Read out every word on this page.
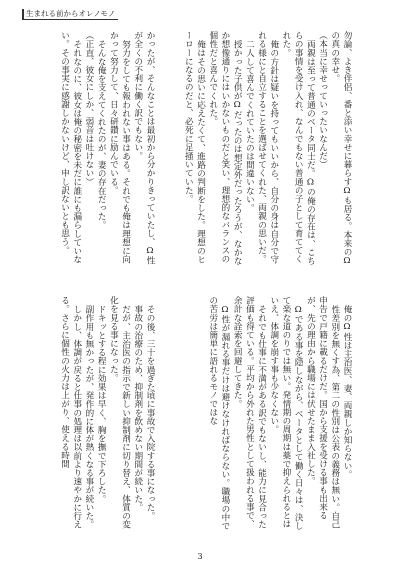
生まれる前からオレノモノ

勿論、よき伴侶、番と添い幸せに暮らすΩも居る。本来のΩの真の幸せ。

（本当に幸せっていったいなんだ）

両親は至って普通のベータ同士だ。Ωの俺の存在は、こちらの事情を受け入れ、なんでもない普通の子として育ててくれた。

俺の方針は疑いを持ってもいいから、自分の身は自分で守れる様にと自立することを選ばせてくれた、両親の思いだ。

二人して喜んでくれていたのは間違いない。

授かった子供がΩだったのは想定外だったろうが、なかなか想像通りにはいかないものだと笑い、理想的なバランスの個性だと喜んでくれた。

俺はその思いに応えたくて、進路の判断をした。理想のヒーローになるのだと、必死に足掻いていた。

俺のΩ性は主治医、妻、両親しか知らない。

性差別を無くす為、第二の性別は公表の義務は無い。自己申告で戸籍に載るだけだ。国から支援を受ける事も出来るが、先の理由から職場には伏せたまま入社した。

Ωである事を隠しながら、ベータとして働く日々は、決して楽な道のりでは無い。発情期の周期は薬で抑えられるとはいえ、体調を崩す事も少なくない。

それでも仕事に不満がある訳でもないし、能力に見合った評価も得ている。平均から外れた男性として扱われる事で、余計な詮索を回避してきた。

Ω性が漏れる事だけは避けなければならない。職場の中での苦労は簡単に語れるモノではな

かったが、そんなことは最初から分かりきっていたし、Ω性が全くの不利に働く訳でもない。

努力をしても報われない事はある。それでも俺は理想に向かって努力して、日々研鑽に励んでいる。

そんな俺を支えてくれたのが、妻の存在だった。

（正直、彼女にしか、弱音は吐けない）

それなのに、彼女は俺の秘密を未だに誰にも漏らしていない。その事実に感謝しかないけど、申し訳ないとも思う。

その後、三十を過ぎた頃に事故で入院する事になった。

事故の治療のため、抑制剤を飲めない期間が続いた。

だが、主治医の指示で新しい抑制剤に切り替え、体質の変化を見る事になった。

ドキッとする程に効果は早く、胸を撫で下ろした。

副作用も無かったが、発作的に体が熱くなる事が続いた。

しかし、体調が戻ると仕事の処理は以前より速やかに行える。さらに個性の火力は上がり、使える時間

3
